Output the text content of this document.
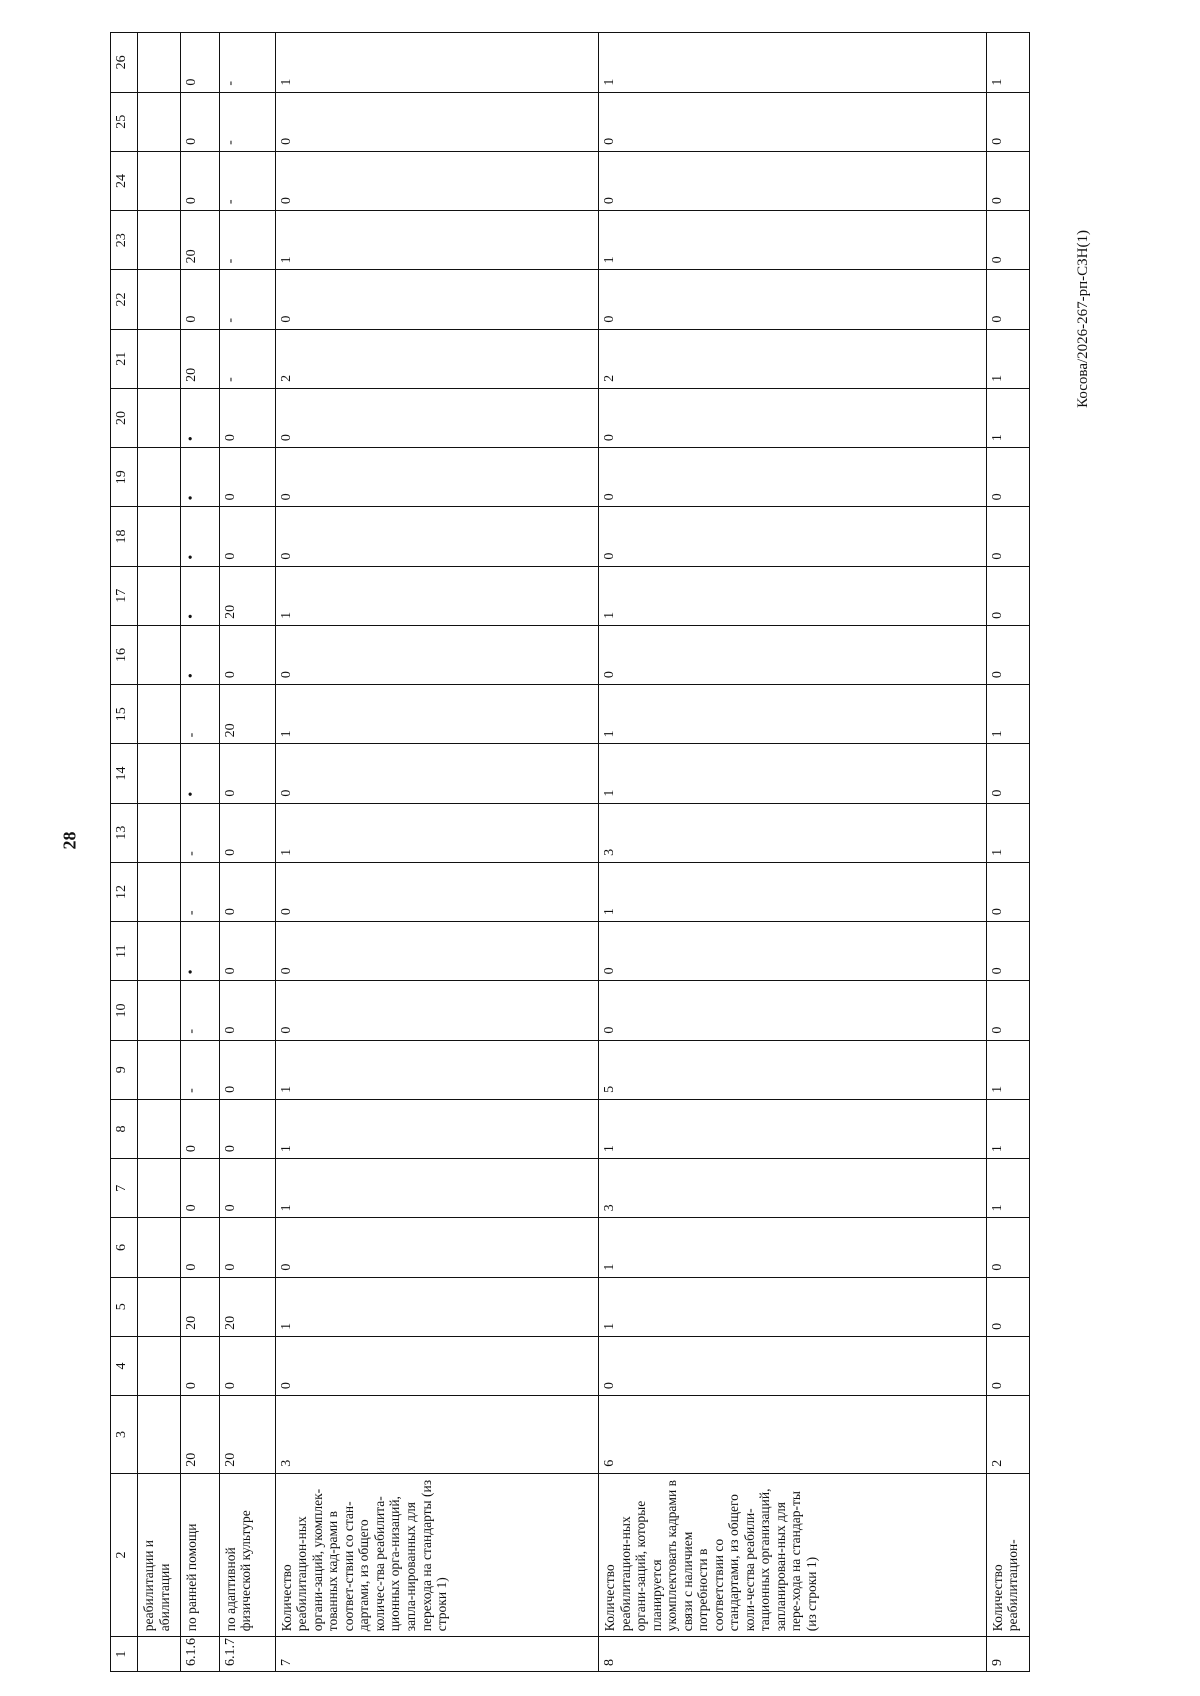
28
Косова/2026-267-рп-СЗН(1)
1	2	3	4	5	6	7	8	9	10	11	12	13	14	15	16	17	18	19	20	21	22	23	24	25	26
	реабилитации и абилитации																								
6.1.6	по ранней помощи	20	0	20	0	0	0	-	-	•	-	-	•	-	•	•	•	•	•	20	0	20	0	0	0
6.1.7	по адаптивной физической культуре	20	0	20	0	0	0	0	0	0	0	0	0	20	0	20	0	0	0	-	-	-	-	-	-
7	Количество реабилитацион-ных органи-заций, укомплек-тованных кад-рами в соответ-ствии со стан-дартами, из общего количес-тва реабилита-ционных орга-низаций, запла-нированных для перехода на стандарты (из строки 1)	3	0	1	0	1	1	1	0	0	0	1	0	1	0	1	0	0	0	2	0	1	0	0	1
8	Количество реабилитацион-ных органи-заций, которые планируется укомплектовать кадрами в связи с наличием потребности в соответствии со стандартами, из общего коли-чества реабили-тационных организаций, запланирован-ных для пере-хода на стандар-ты (из строки 1)	6	0	1	1	3	1	5	0	0	1	3	1	1	0	1	0	0	0	2	0	1	0	0	1
9	Количество реабилитацион-	2	0	0	0	1	1	1	0	0	0	1	0	1	0	0	0	0	1	1	0	0	0	0	1
